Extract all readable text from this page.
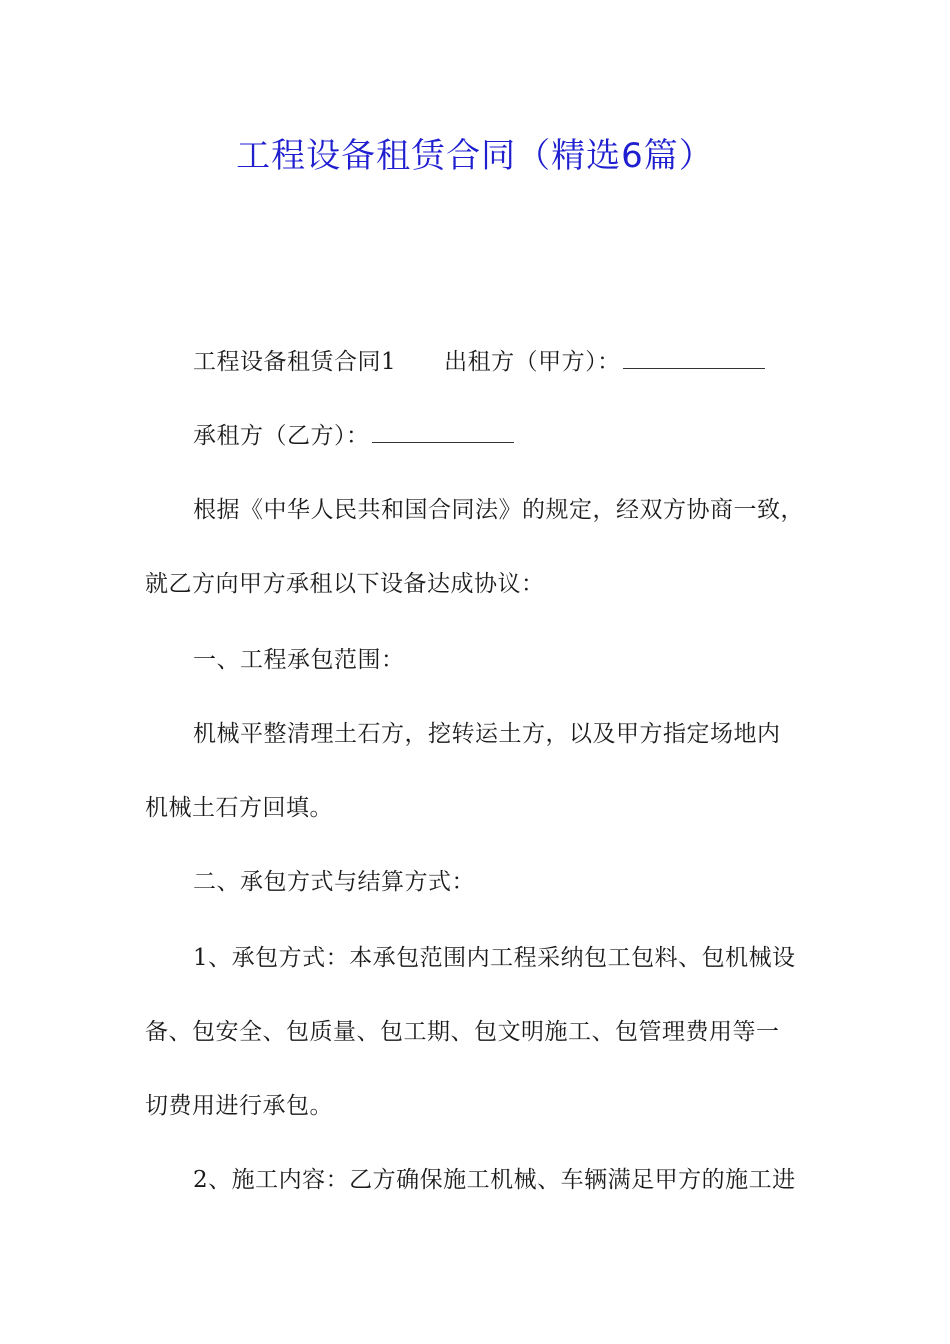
工程设备租赁合同（精选6篇）
工程设备租赁合同1 出租方（甲方）：
承租方（乙方）：
根据《中华人民共和国合同法》的规定，经双方协商一致，
就乙方向甲方承租以下设备达成协议：
一、工程承包范围：
机械平整清理土石方，挖转运土方，以及甲方指定场地内
机械土石方回填。
二、承包方式与结算方式：
1、承包方式：本承包范围内工程采纳包工包料、包机械设
备、包安全、包质量、包工期、包文明施工、包管理费用等一
切费用进行承包。
2、施工内容：乙方确保施工机械、车辆满足甲方的施工进
